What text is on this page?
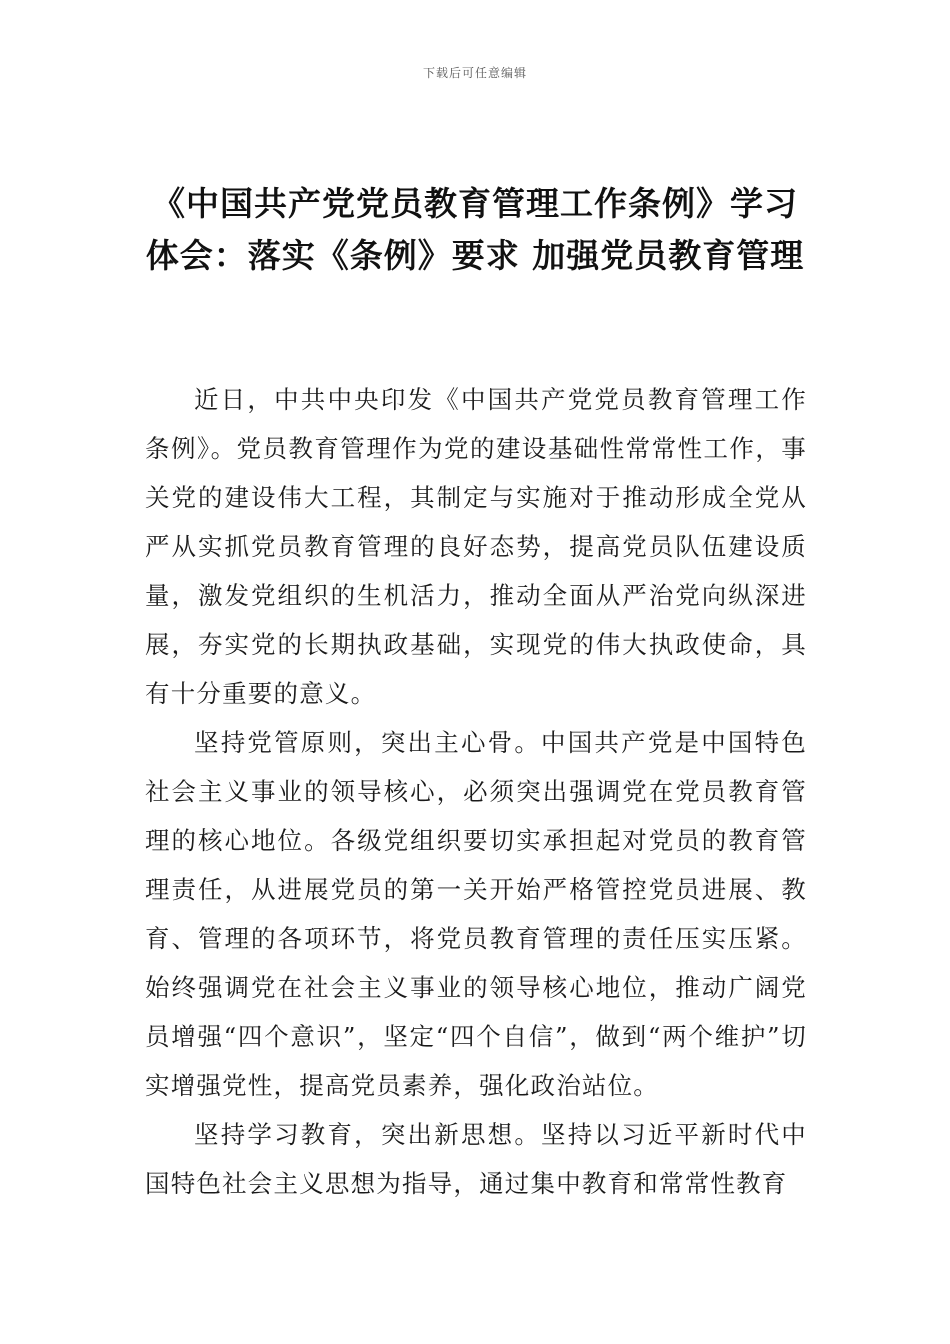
下载后可任意编辑
《中国共产党党员教育管理工作条例》学习体会：落实《条例》要求 加强党员教育管理

近日，中共中央印发《中国共产党党员教育管理工作条例》。党员教育管理作为党的建设基础性常常性工作，事关党的建设伟大工程，其制定与实施对于推动形成全党从严从实抓党员教育管理的良好态势，提高党员队伍建设质量，激发党组织的生机活力，推动全面从严治党向纵深进展，夯实党的长期执政基础，实现党的伟大执政使命，具有十分重要的意义。

坚持党管原则，突出主心骨。中国共产党是中国特色社会主义事业的领导核心，必须突出强调党在党员教育管理的核心地位。各级党组织要切实承担起对党员的教育管理责任，从进展党员的第一关开始严格管控党员进展、教育、管理的各项环节，将党员教育管理的责任压实压紧。始终强调党在社会主义事业的领导核心地位，推动广阔党员增强“四个意识”，坚定“四个自信”，做到“两个维护”切实增强党性，提高党员素养，强化政治站位。

坚持学习教育，突出新思想。坚持以习近平新时代中国特色社会主义思想为指导，通过集中教育和常常性教育
